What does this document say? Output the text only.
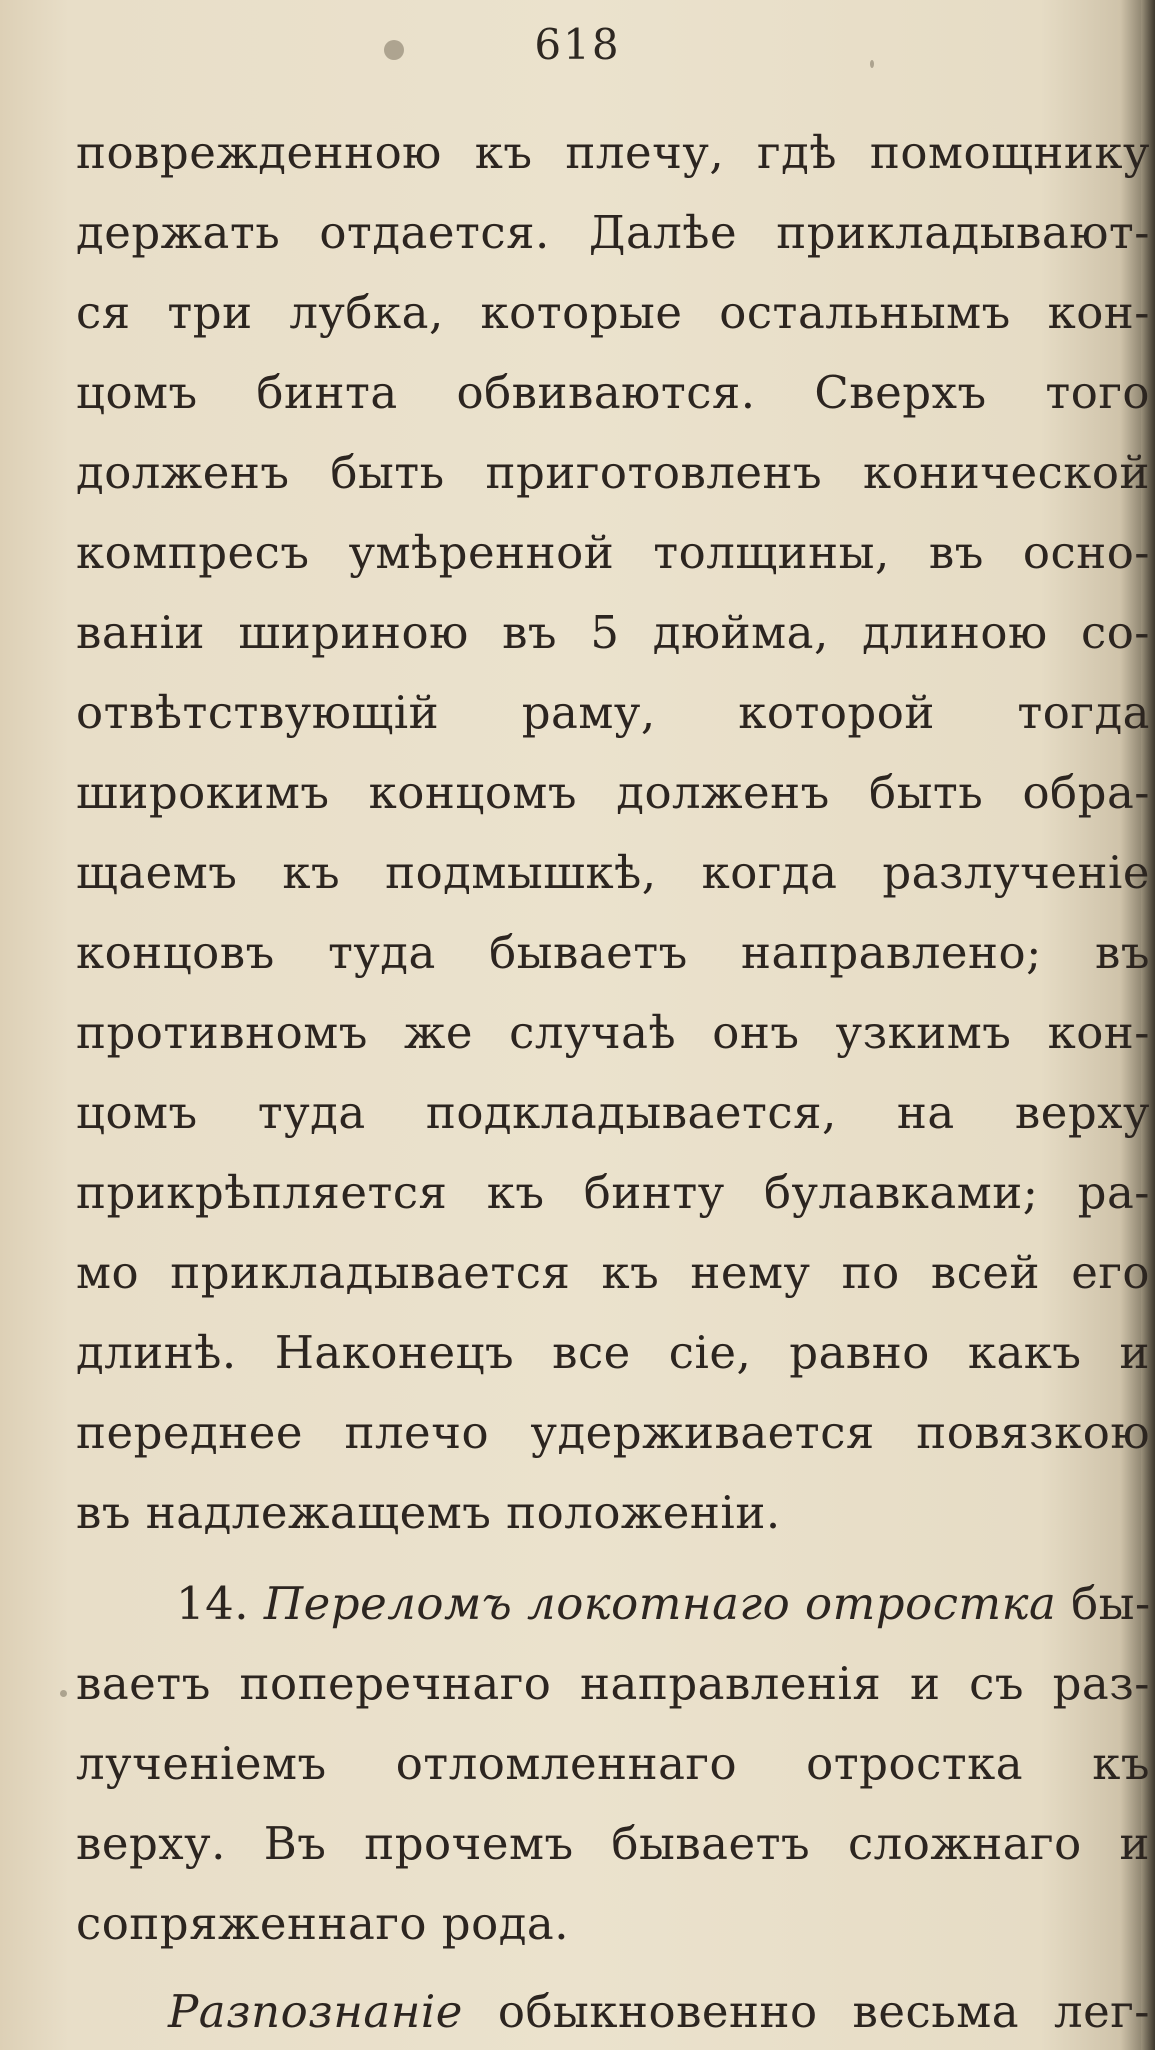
618
поврежденною къ плечу, гдѣ помощнику
держать отдается. Далѣе прикладывают-
ся три лубка, которые остальнымъ кон-
цомъ бинта обвиваются. Сверхъ того
долженъ быть приготовленъ конической
компресъ умѣренной толщины, въ осно-
ваніи шириною въ 5 дюйма, длиною со-
отвѣтствующій раму, которой тогда
широкимъ концомъ долженъ быть обра-
щаемъ къ подмышкѣ, когда разлученіе
концовъ туда бываетъ направлено; въ
противномъ же случаѣ онъ узкимъ кон-
цомъ туда подкладывается, на верху
прикрѣпляется къ бинту булавками; ра-
мо прикладывается къ нему по всей его
длинѣ. Наконецъ все сіе, равно какъ и
переднее плечо удерживается повязкою
въ надлежащемъ положеніи.
14. Переломъ локотнаго отростка бы-
ваетъ поперечнаго направленія и съ раз-
лученіемъ отломленнаго отростка къ
верху. Въ прочемъ бываетъ сложнаго и
сопряженнаго рода.
Разпознаніе обыкновенно весьма лег-
